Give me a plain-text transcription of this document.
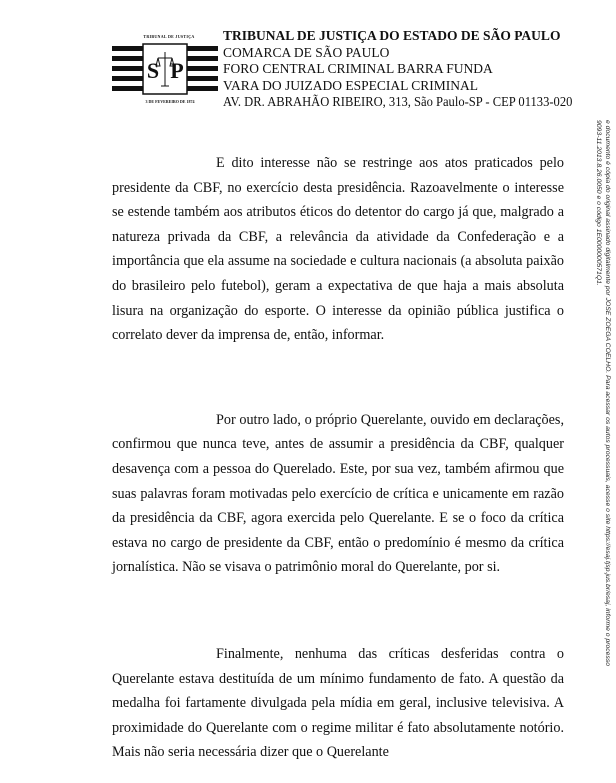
S P
TRIBUNAL DE JUSTIÇA
3 DE FEVEREIRO DE 1874
TRIBUNAL DE JUSTIÇA DO ESTADO DE SÃO PAULO
COMARCA DE SÃO PAULO
FORO CENTRAL CRIMINAL BARRA FUNDA
VARA DO JUIZADO ESPECIAL CRIMINAL
AV. DR. ABRAHÃO RIBEIRO, 313, São Paulo-SP - CEP 01133-020

E dito interesse não se restringe aos atos praticados pelo presidente da CBF, no exercício desta presidência. Razoavelmente o interesse se estende também aos atributos éticos do detentor do cargo já que, malgrado a natureza privada da CBF, a relevância da atividade da Confederação e a importância que ela assume na sociedade e cultura nacionais (a absoluta paixão do brasileiro pelo futebol), geram a expectativa de que haja a mais absoluta lisura na organização do esporte. O interesse da opinião pública justifica o correlato dever da imprensa de, então, informar.

Por outro lado, o próprio Querelante, ouvido em declarações, confirmou que nunca teve, antes de assumir a presidência da CBF, qualquer desavença com a pessoa do Querelado. Este, por sua vez, também afirmou que suas palavras foram motivadas pelo exercício de crítica e unicamente em razão da presidência da CBF, agora exercida pelo Querelante. E se o foco da crítica estava no cargo de presidente da CBF, então o predomínio é mesmo da crítica jornalística. Não se visava o patrimônio moral do Querelante, por si.

Finalmente, nenhuma das críticas desferidas contra o Querelante estava destituída de um mínimo fundamento de fato. A questão da medalha foi fartamente divulgada pela mídia em geral, inclusive televisiva. A proximidade do Querelante com o regime militar é fato absolutamente notório. Mais não seria necessária dizer que o Querelante

e documento é cópia do original assinado digitalmente por JOSE ZOEGA COELHO. Para acessar os autos processuais, acesse o site https://esaj.tjsp.jus.br/esaj, informe o processo
9093-11.2013.8.26.0050 e o código 1E0000000571Q1.
